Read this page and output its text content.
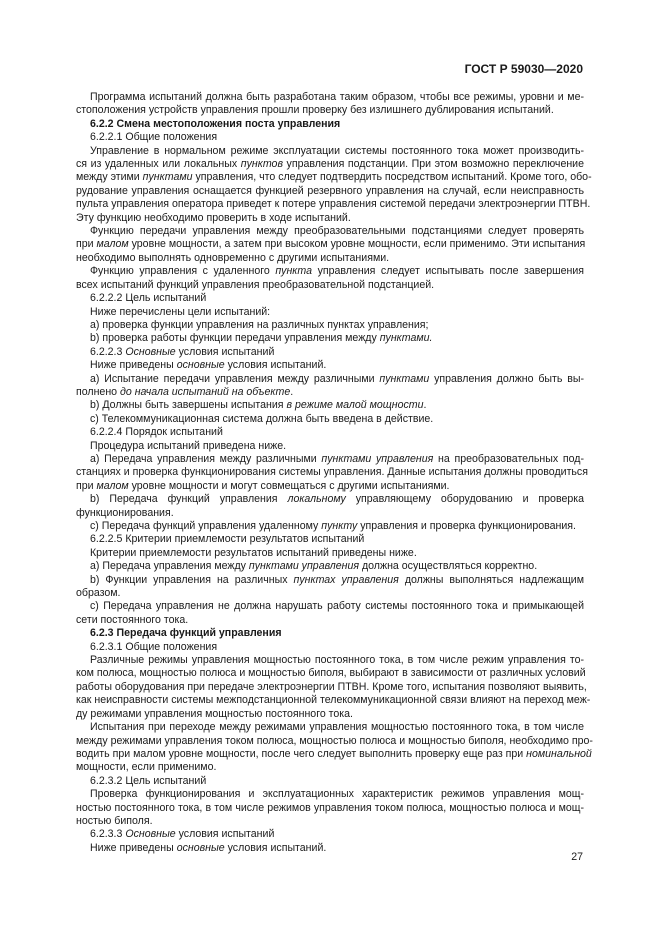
ГОСТ Р 59030—2020
Программа испытаний должна быть разработана таким образом, чтобы все режимы, уровни и ме-
стоположения устройств управления прошли проверку без излишнего дублирования испытаний.
6.2.2 Смена местоположения поста управления
6.2.2.1 Общие положения
Управление в нормальном режиме эксплуатации системы постоянного тока может производить-
ся из удаленных или локальных пунктов управления подстанции. При этом возможно переключение
между этими пунктами управления, что следует подтвердить посредством испытаний. Кроме того, обо-
рудование управления оснащается функцией резервного управления на случай, если неисправность
пульта управления оператора приведет к потере управления системой передачи электроэнергии ПТВН.
Эту функцию необходимо проверить в ходе испытаний.
Функцию передачи управления между преобразовательными подстанциями следует проверять
при малом уровне мощности, а затем при высоком уровне мощности, если применимо. Эти испытания
необходимо выполнять одновременно с другими испытаниями.
Функцию управления с удаленного пункта управления следует испытывать после завершения
всех испытаний функций управления преобразовательной подстанцией.
6.2.2.2 Цель испытаний
Ниже перечислены цели испытаний:
a) проверка функции управления на различных пунктах управления;
b) проверка работы функции передачи управления между пунктами.
6.2.2.3 Основные условия испытаний
Ниже приведены основные условия испытаний.
a) Испытание передачи управления между различными пунктами управления должно быть вы-
полнено до начала испытаний на объекте.
b) Должны быть завершены испытания в режиме малой мощности.
c) Телекоммуникационная система должна быть введена в действие.
6.2.2.4 Порядок испытаний
Процедура испытаний приведена ниже.
a) Передача управления между различными пунктами управления на преобразовательных под-
станциях и проверка функционирования системы управления. Данные испытания должны проводиться
при малом уровне мощности и могут совмещаться с другими испытаниями.
b) Передача функций управления локальному управляющему оборудованию и проверка
функционирования.
c) Передача функций управления удаленному пункту управления и проверка функционирования.
6.2.2.5 Критерии приемлемости результатов испытаний
Критерии приемлемости результатов испытаний приведены ниже.
a) Передача управления между пунктами управления должна осуществляться корректно.
b) Функции управления на различных пунктах управления должны выполняться надлежащим
образом.
c) Передача управления не должна нарушать работу системы постоянного тока и примыкающей
сети постоянного тока.
6.2.3 Передача функций управления
6.2.3.1 Общие положения
Различные режимы управления мощностью постоянного тока, в том числе режим управления то-
ком полюса, мощностью полюса и мощностью биполя, выбирают в зависимости от различных условий
работы оборудования при передаче электроэнергии ПТВН. Кроме того, испытания позволяют выявить,
как неисправности системы межподстанционной телекоммуникационной связи влияют на переход меж-
ду режимами управления мощностью постоянного тока.
Испытания при переходе между режимами управления мощностью постоянного тока, в том числе
между режимами управления током полюса, мощностью полюса и мощностью биполя, необходимо про-
водить при малом уровне мощности, после чего следует выполнить проверку еще раз при номинальной
мощности, если применимо.
6.2.3.2 Цель испытаний
Проверка функционирования и эксплуатационных характеристик режимов управления мощ-
ностью постоянного тока, в том числе режимов управления током полюса, мощностью полюса и мощ-
ностью биполя.
6.2.3.3 Основные условия испытаний
Ниже приведены основные условия испытаний.
27
